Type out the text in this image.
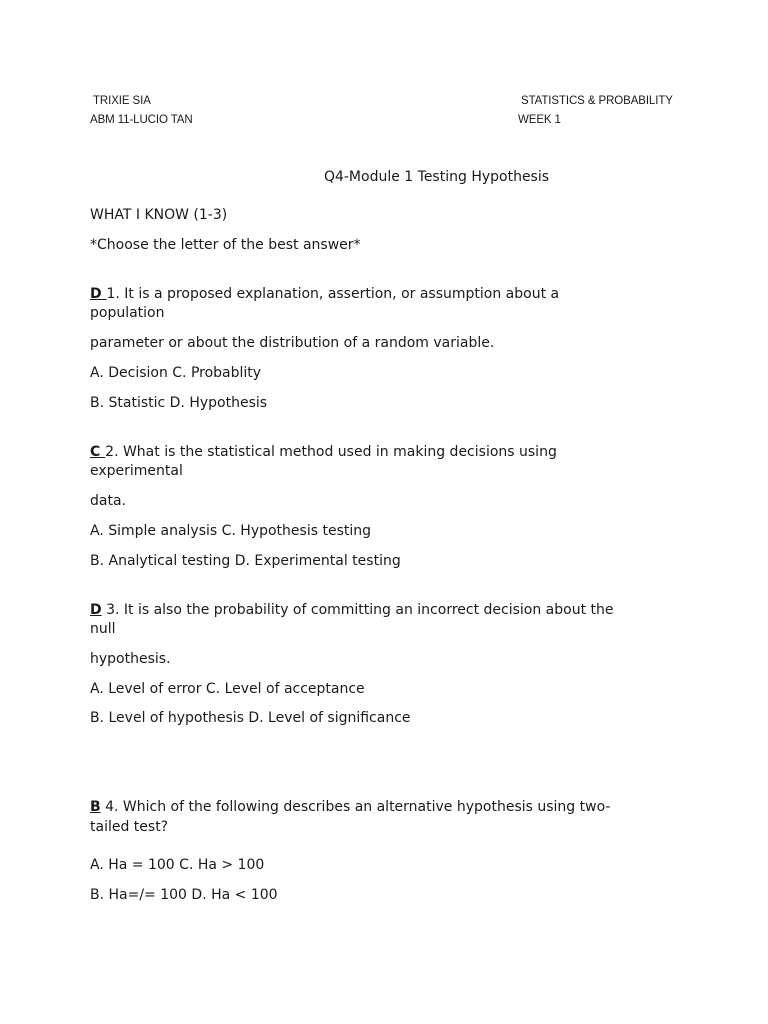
TRIXIE SIA
ABM 11-LUCIO TAN
STATISTICS & PROBABILITY
WEEK 1
Q4-Module 1 Testing Hypothesis
WHAT I KNOW (1-3)
*Choose the letter of the best answer*
D 1. It is a proposed explanation, assertion, or assumption about a
population
parameter or about the distribution of a random variable.
A. Decision C. Probablity
B. Statistic D. Hypothesis
C 2. What is the statistical method used in making decisions using
experimental
data.
A. Simple analysis C. Hypothesis testing
B. Analytical testing D. Experimental testing
D 3. It is also the probability of committing an incorrect decision about the
null
hypothesis.
A. Level of error C. Level of acceptance
B. Level of hypothesis D. Level of significance
B 4. Which of the following describes an alternative hypothesis using two-
tailed test?
A. Ha = 100 C. Ha > 100
B. Ha=/= 100 D. Ha < 100
